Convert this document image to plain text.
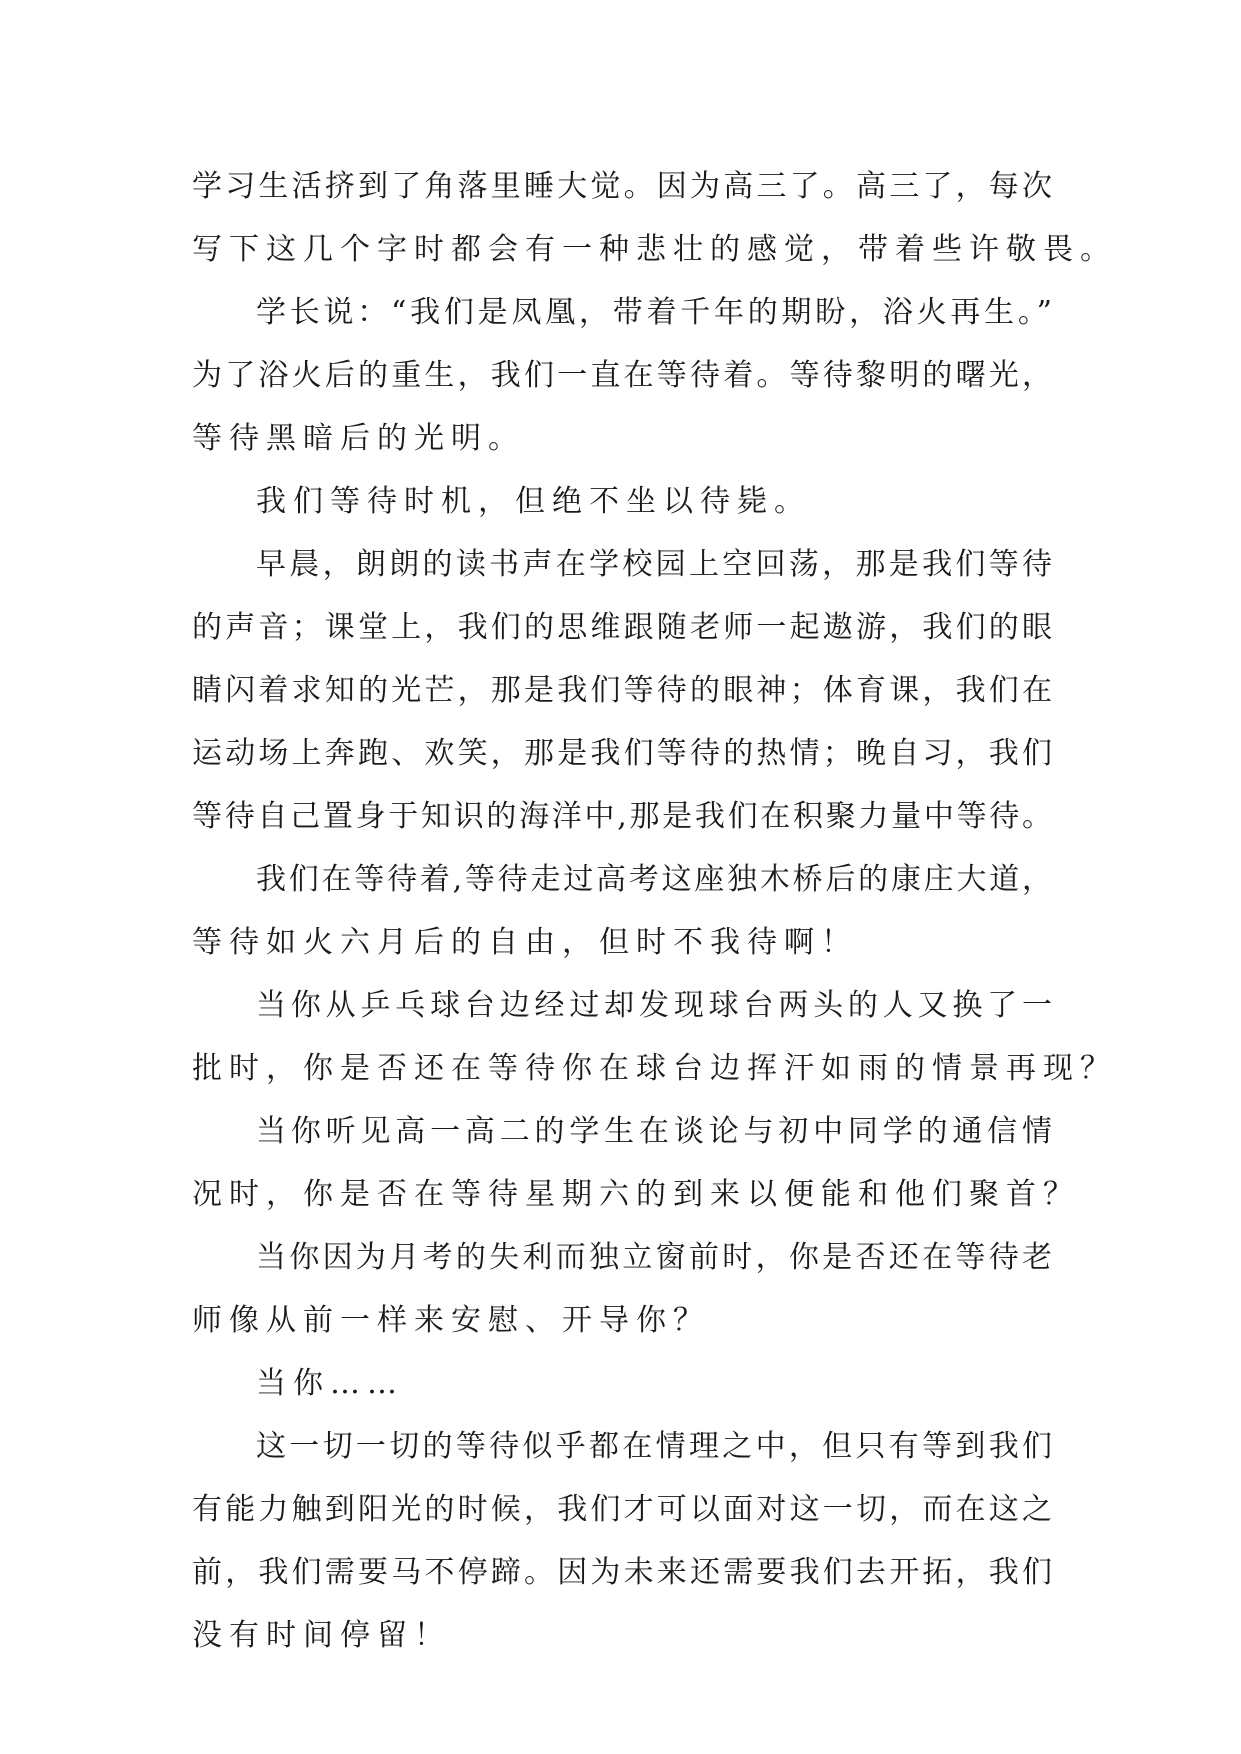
学习生活挤到了角落里睡大觉。因为高三了。高三了，每次
写下这几个字时都会有一种悲壮的感觉，带着些许敬畏。
学长说：“我们是凤凰，带着千年的期盼，浴火再生。”
为了浴火后的重生，我们一直在等待着。等待黎明的曙光，
等待黑暗后的光明。
我们等待时机，但绝不坐以待毙。
早晨，朗朗的读书声在学校园上空回荡，那是我们等待
的声音；课堂上，我们的思维跟随老师一起遨游，我们的眼
睛闪着求知的光芒，那是我们等待的眼神；体育课，我们在
运动场上奔跑、欢笑，那是我们等待的热情；晚自习，我们
等待自己置身于知识的海洋中,那是我们在积聚力量中等待。
我们在等待着,等待走过高考这座独木桥后的康庄大道，
等待如火六月后的自由，但时不我待啊！
当你从乒乓球台边经过却发现球台两头的人又换了一
批时，你是否还在等待你在球台边挥汗如雨的情景再现？
当你听见高一高二的学生在谈论与初中同学的通信情
况时，你是否在等待星期六的到来以便能和他们聚首？
当你因为月考的失利而独立窗前时，你是否还在等待老
师像从前一样来安慰、开导你？
当你……
这一切一切的等待似乎都在情理之中，但只有等到我们
有能力触到阳光的时候，我们才可以面对这一切，而在这之
前，我们需要马不停蹄。因为未来还需要我们去开拓，我们
没有时间停留！
